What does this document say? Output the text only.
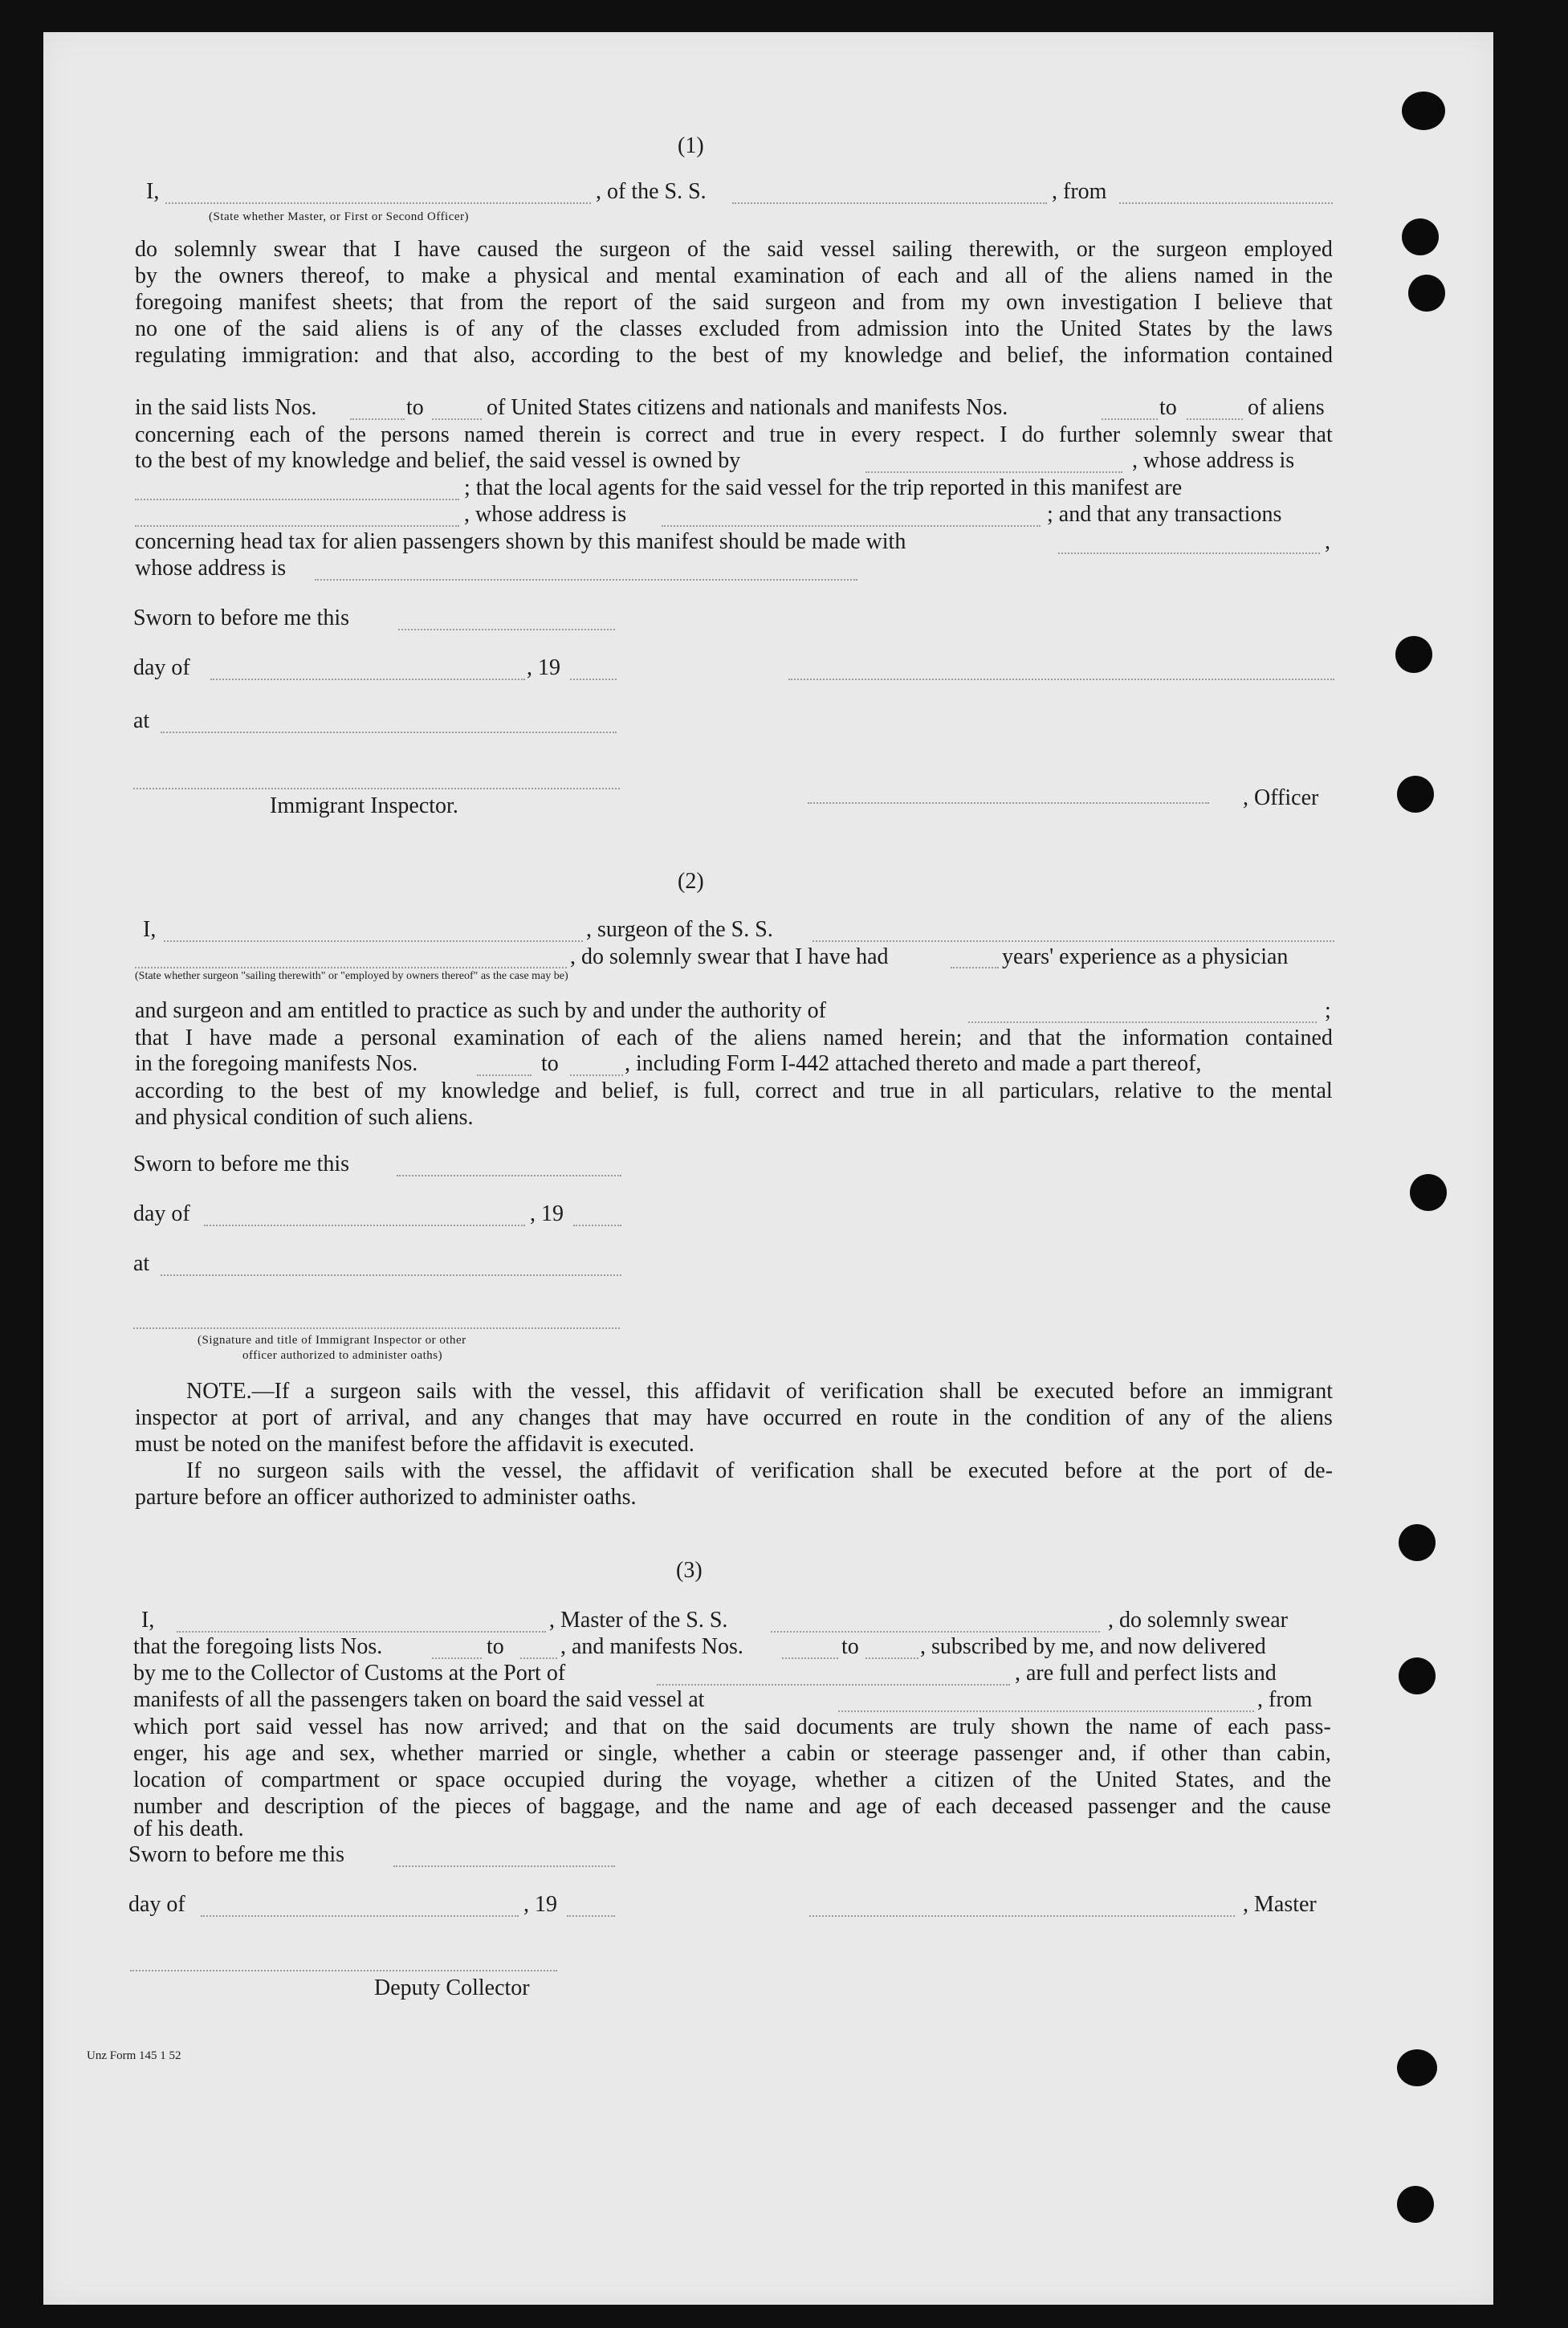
(1)
I,	, of the S. S.	, from
(State whether Master, or First or Second Officer)
do solemnly swear that I have caused the surgeon of the said vessel sailing therewith, or the surgeon employed
by the owners thereof, to make a physical and mental examination of each and all of the aliens named in the
foregoing manifest sheets; that from the report of the said surgeon and from my own investigation I believe that
no one of the said aliens is of any of the classes excluded from admission into the United States by the laws
regulating immigration: and that also, according to the best of my knowledge and belief, the information contained
in the said lists Nos.	to	of United States citizens and nationals and manifests Nos.	to	of aliens
concerning each of the persons named therein is correct and true in every respect. I do further solemnly swear that
to the best of my knowledge and belief, the said vessel is owned by	, whose address is
; that the local agents for the said vessel for the trip reported in this manifest are
, whose address is	; and that any transactions
concerning head tax for alien passengers shown by this manifest should be made with	,
whose address is
Sworn to before me this
day of	, 19
at
Immigrant Inspector.	, Officer
(2)
I,	, surgeon of the S. S.
, do solemnly swear that I have had	years' experience as a physician
(State whether surgeon "sailing therewith" or "employed by owners thereof" as the case may be)
and surgeon and am entitled to practice as such by and under the authority of	;
that I have made a personal examination of each of the aliens named herein; and that the information contained
in the foregoing manifests Nos.	to	, including Form I-442 attached thereto and made a part thereof,
according to the best of my knowledge and belief, is full, correct and true in all particulars, relative to the mental
and physical condition of such aliens.
Sworn to before me this
day of	, 19
at
(Signature and title of Immigrant Inspector or other
officer authorized to administer oaths)
NOTE.—If a surgeon sails with the vessel, this affidavit of verification shall be executed before an immigrant
inspector at port of arrival, and any changes that may have occurred en route in the condition of any of the aliens
must be noted on the manifest before the affidavit is executed.
If no surgeon sails with the vessel, the affidavit of verification shall be executed before at the port of de-
parture before an officer authorized to administer oaths.
(3)
I,	, Master of the S. S.	, do solemnly swear
that the foregoing lists Nos.	to	, and manifests Nos.	to	, subscribed by me, and now delivered
by me to the Collector of Customs at the Port of	, are full and perfect lists and
manifests of all the passengers taken on board the said vessel at	, from
which port said vessel has now arrived; and that on the said documents are truly shown the name of each pass-
enger, his age and sex, whether married or single, whether a cabin or steerage passenger and, if other than cabin,
location of compartment or space occupied during the voyage, whether a citizen of the United States, and the
number and description of the pieces of baggage, and the name and age of each deceased passenger and the cause
of his death.
Sworn to before me this
day of	, 19	, Master
Deputy Collector
Unz Form 145 1 52
